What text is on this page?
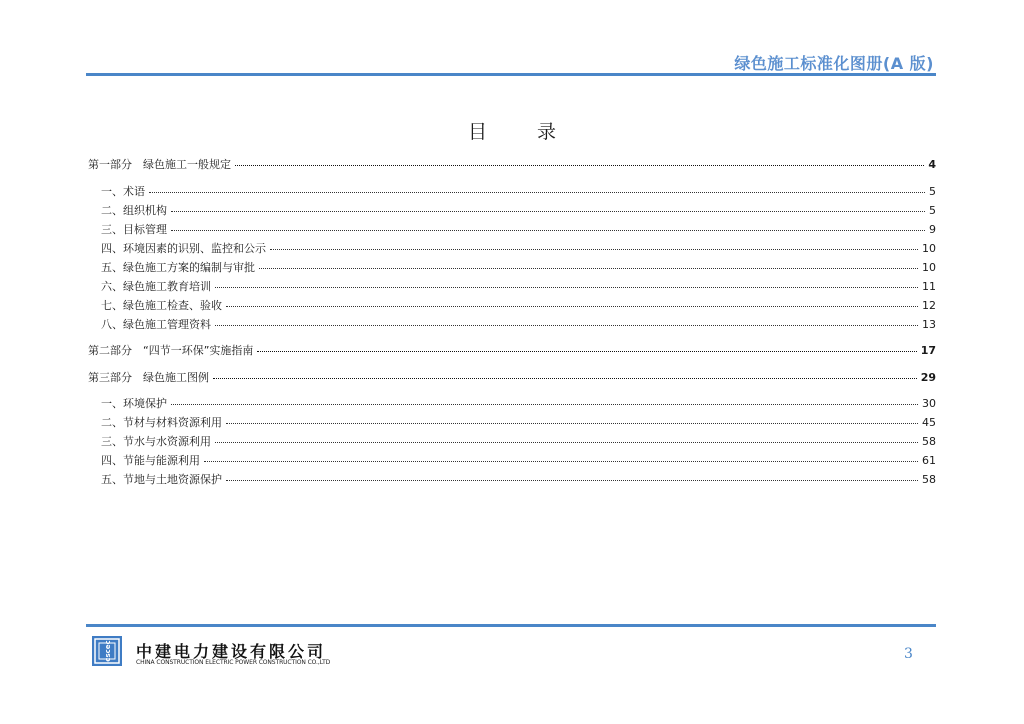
绿色施工标准化图册(A 版)
目	录
第一部分　绿色施工一般规定	4
一、术语	5
二、组织机构	5
三、目标管理	9
四、环境因素的识别、监控和公示	10
五、绿色施工方案的编制与审批	10
六、绿色施工教育培训	11
七、绿色施工检查、验收	12
八、绿色施工管理资料	13
第二部分　“四节一环保”实施指南	17
第三部分　绿色施工图例	29
一、环境保护	30
二、节材与材料资源利用	45
三、节水与水资源利用	58
四、节能与能源利用	61
五、节地与土地资源保护	58
cscec 中建电力建设有限公司
CHINA CONSTRUCTION ELECTRIC POWER CONSTRUCTION CO.,LTD
3
